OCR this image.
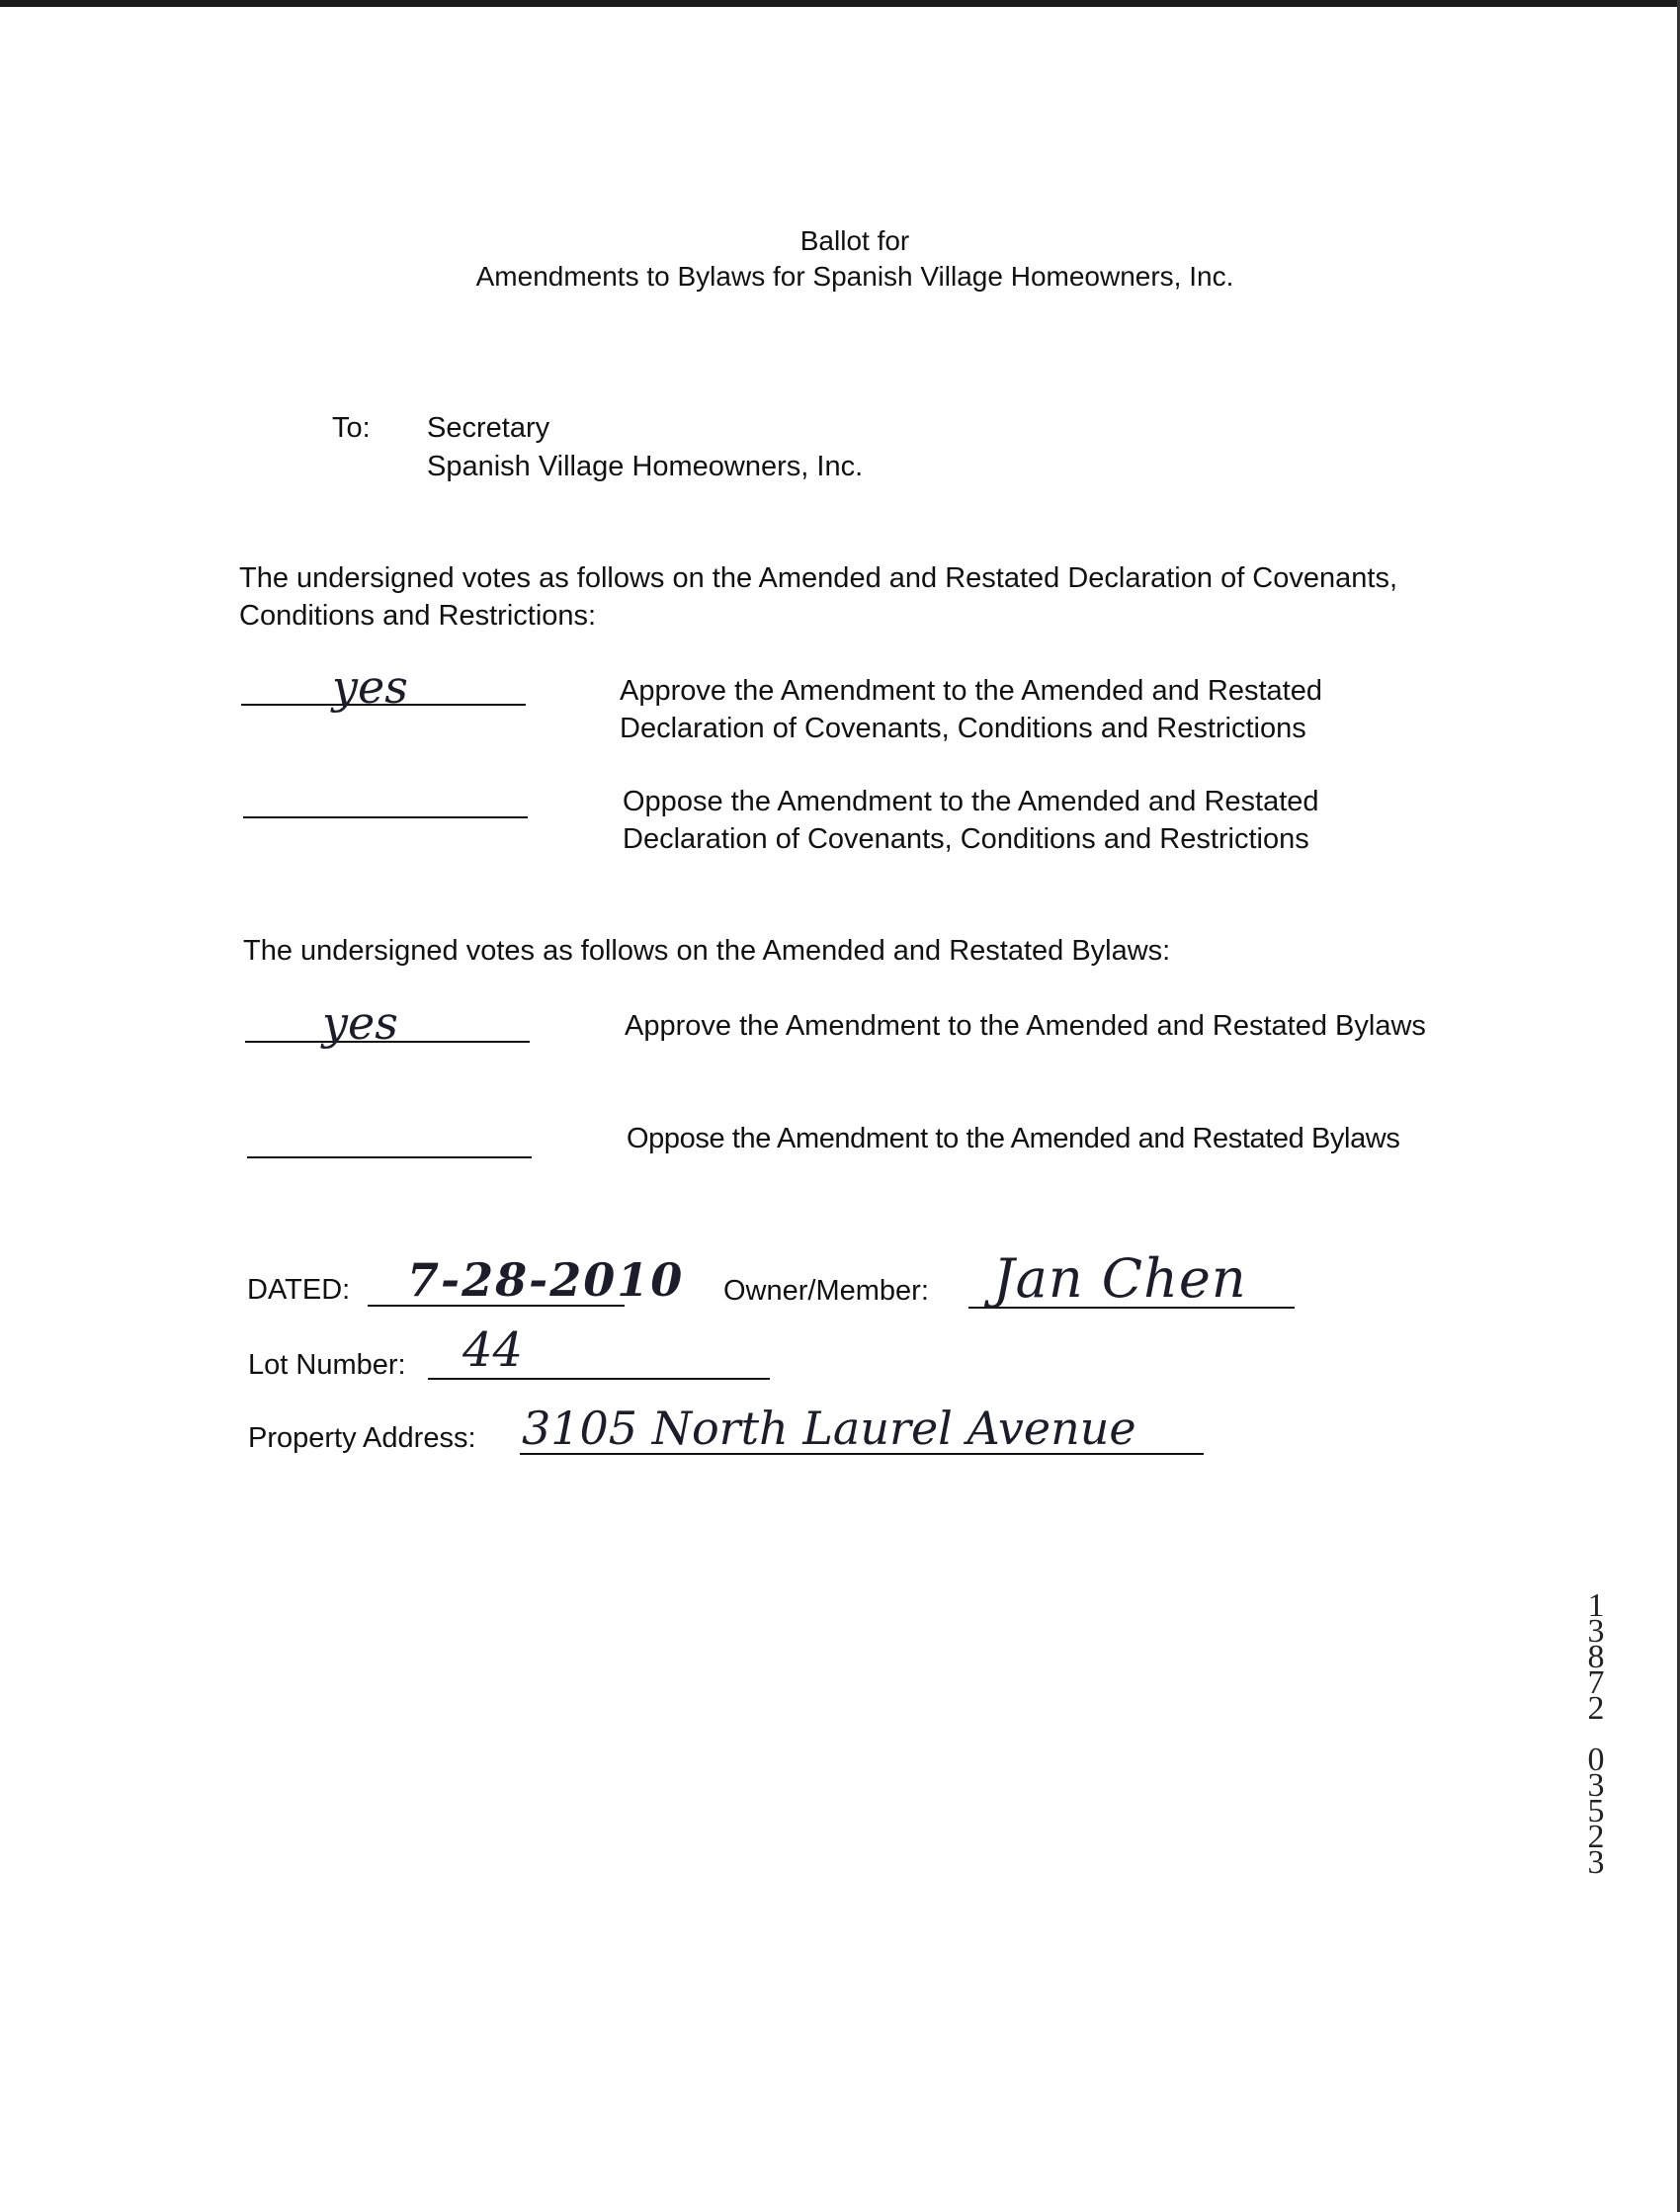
Ballot for
Amendments to Bylaws for Spanish Village Homeowners, Inc.
To: Secretary
Spanish Village Homeowners, Inc.
The undersigned votes as follows on the Amended and Restated Declaration of Covenants, Conditions and Restrictions:
yes	Approve the Amendment to the Amended and Restated Declaration of Covenants, Conditions and Restrictions
Oppose the Amendment to the Amended and Restated Declaration of Covenants, Conditions and Restrictions
The undersigned votes as follows on the Amended and Restated Bylaws:
yes	Approve the Amendment to the Amended and Restated Bylaws
Oppose the Amendment to the Amended and Restated Bylaws
DATED: 7-28-2010 Owner/Member: Jan Chen
Lot Number: 44
Property Address: 3105 North Laurel Avenue
1
3
8
7
2
0
3
5
2
3
